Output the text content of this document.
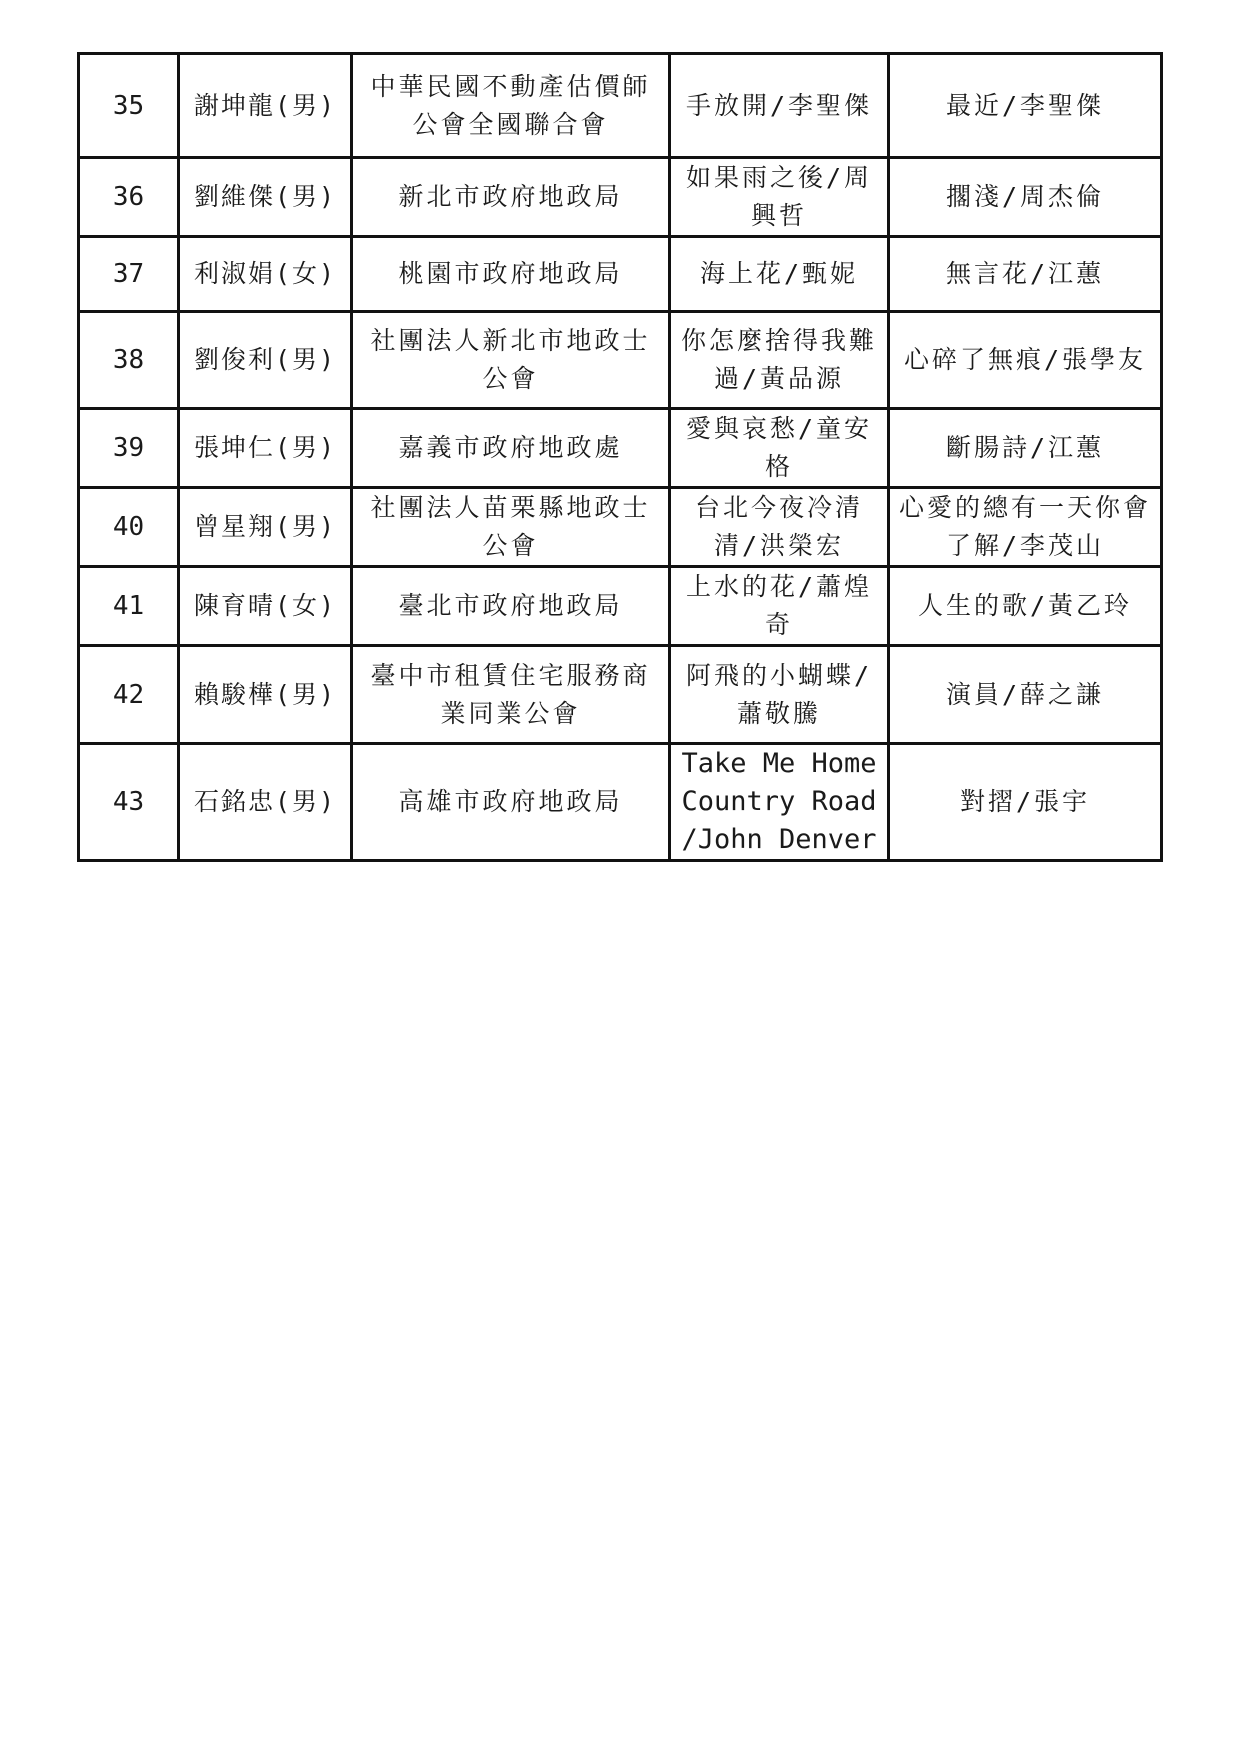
35	謝坤龍(男)	中華民國不動產估價師公會全國聯合會	手放開/李聖傑	最近/李聖傑
36	劉維傑(男)	新北市政府地政局	如果雨之後/周興哲	擱淺/周杰倫
37	利淑娟(女)	桃園市政府地政局	海上花/甄妮	無言花/江蕙
38	劉俊利(男)	社團法人新北市地政士公會	你怎麼捨得我難過/黃品源	心碎了無痕/張學友
39	張坤仁(男)	嘉義市政府地政處	愛與哀愁/童安格	斷腸詩/江蕙
40	曾星翔(男)	社團法人苗栗縣地政士公會	台北今夜冷清清/洪榮宏	心愛的總有一天你會了解/李茂山
41	陳育晴(女)	臺北市政府地政局	上水的花/蕭煌奇	人生的歌/黃乙玲
42	賴駿樺(男)	臺中市租賃住宅服務商業同業公會	阿飛的小蝴蝶/蕭敬騰	演員/薛之謙
43	石銘忠(男)	高雄市政府地政局	Take Me Home Country Road /John Denver	對摺/張宇
